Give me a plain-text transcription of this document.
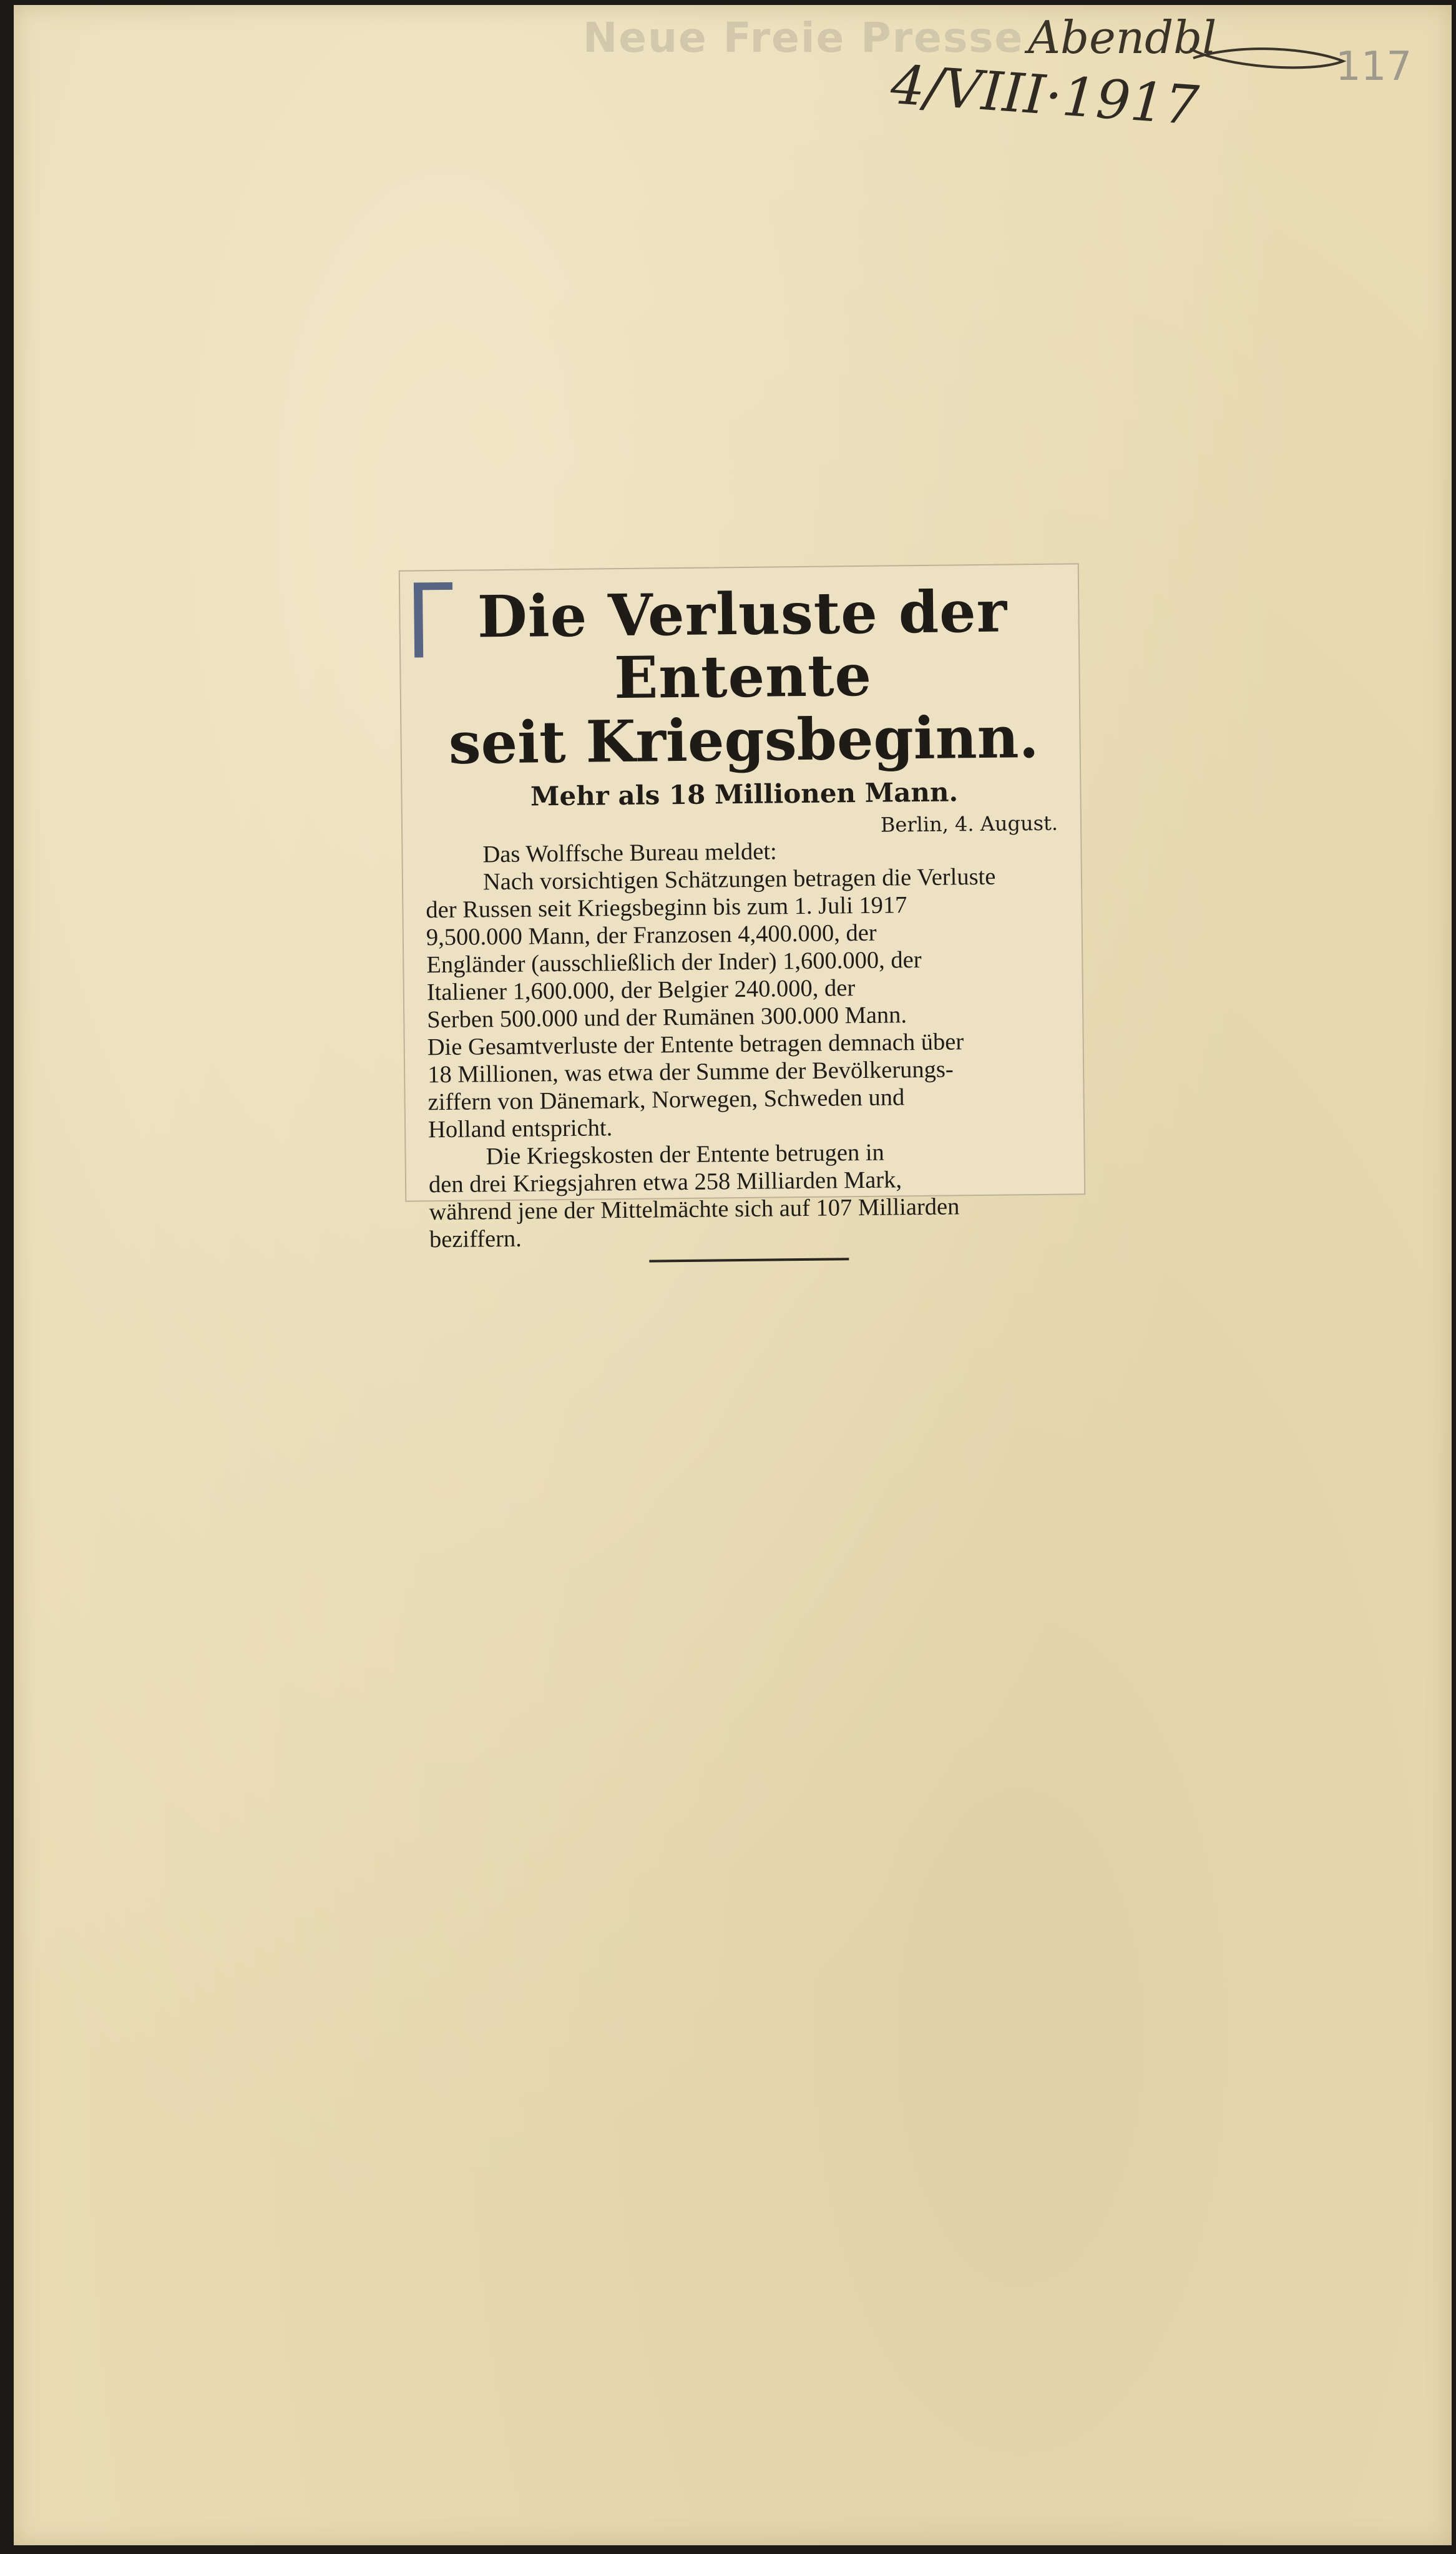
Neue Freie Presse Abendbl
4/VIII·1917	117

Die Verluste der Entente

seit Kriegsbeginn.

Mehr als 18 Millionen Mann.

Berlin, 4. August.

Das Wolffsche Bureau meldet:

Nach vorsichtigen Schätzungen betragen die Verluste

der Russen seit Kriegsbeginn bis zum 1. Juli 1917

9,500.000 Mann, der Franzosen 4,400.000, der

Engländer (ausschließlich der Inder) 1,600.000, der

Italiener 1,600.000, der Belgier 240.000, der

Serben 500.000 und der Rumänen 300.000 Mann.

Die Gesamtverluste der Entente betragen demnach über

18 Millionen, was etwa der Summe der Bevölkerungs-

ziffern von Dänemark, Norwegen, Schweden und

Holland entspricht.

Die Kriegskosten der Entente betrugen in

den drei Kriegsjahren etwa 258 Milliarden Mark,

während jene der Mittelmächte sich auf 107 Milliarden

beziffern.
